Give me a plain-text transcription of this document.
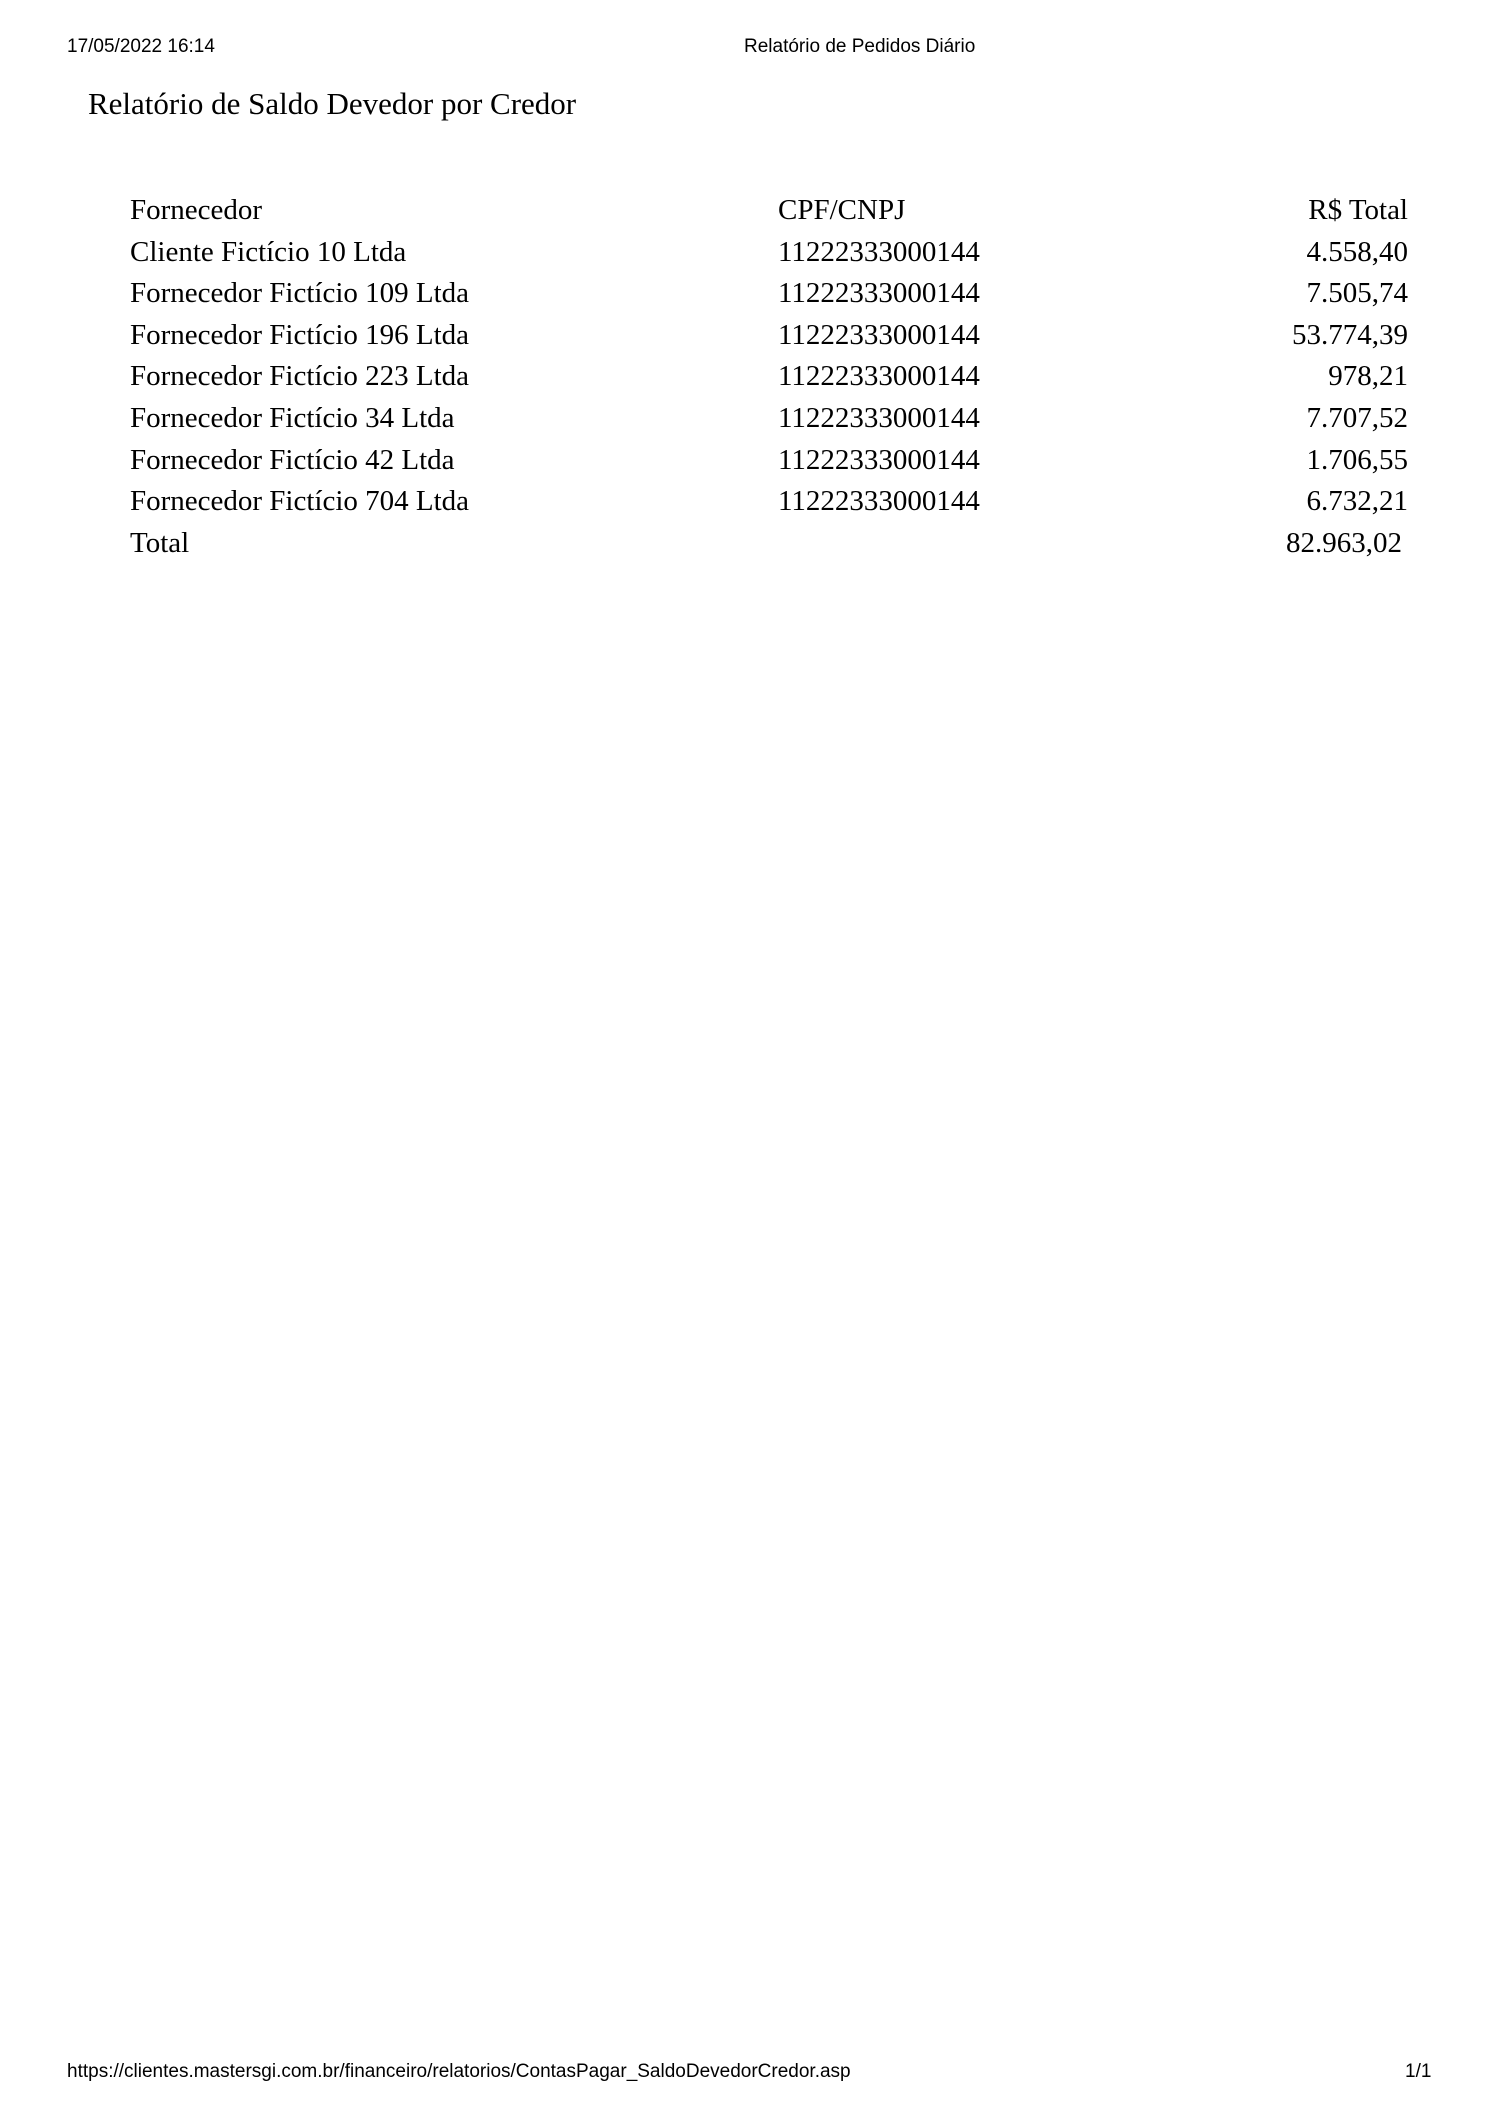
17/05/2022 16:14	Relatório de Pedidos Diário
Relatório de Saldo Devedor por Credor
Fornecedor	CPF/CNPJ	R$ Total
Cliente Fictício 10 Ltda	11222333000144	4.558,40
Fornecedor Fictício 109 Ltda	11222333000144	7.505,74
Fornecedor Fictício 196 Ltda	11222333000144	53.774,39
Fornecedor Fictício 223 Ltda	11222333000144	978,21
Fornecedor Fictício 34 Ltda	11222333000144	7.707,52
Fornecedor Fictício 42 Ltda	11222333000144	1.706,55
Fornecedor Fictício 704 Ltda	11222333000144	6.732,21
Total		82.963,02
https://clientes.mastersgi.com.br/financeiro/relatorios/ContasPagar_SaldoDevedorCredor.asp	1/1
